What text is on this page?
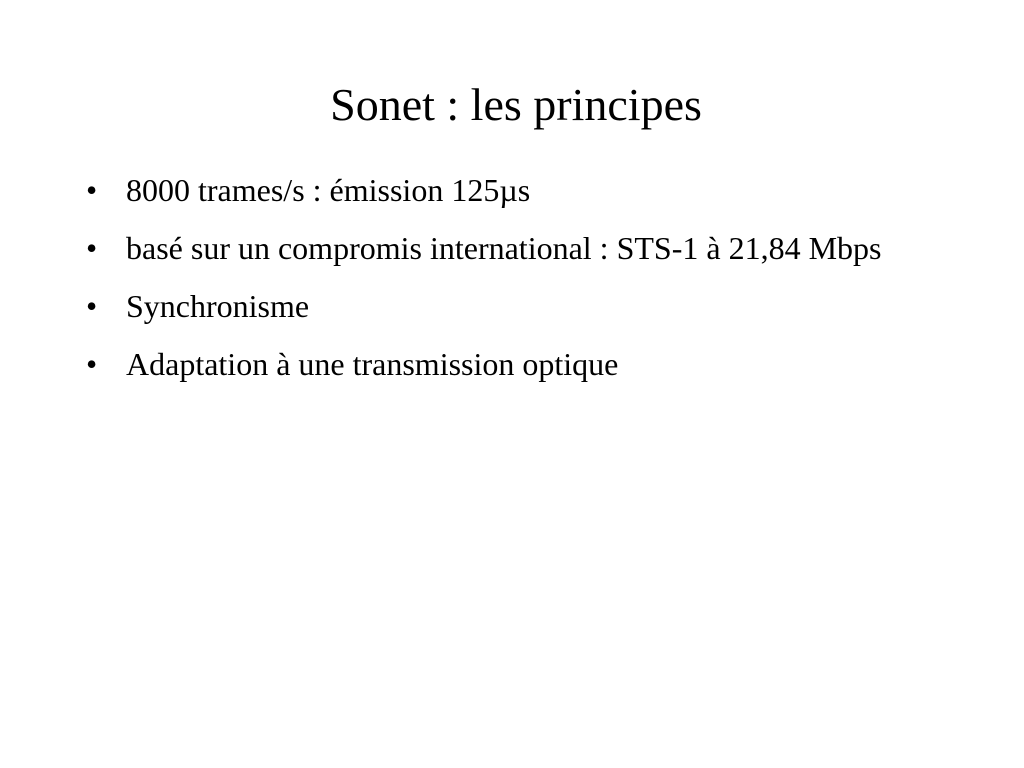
Sonet : les principes
• 8000 trames/s : émission 125µs
• basé sur un compromis international : STS-1 à 21,84 Mbps
• Synchronisme
• Adaptation à une transmission optique
